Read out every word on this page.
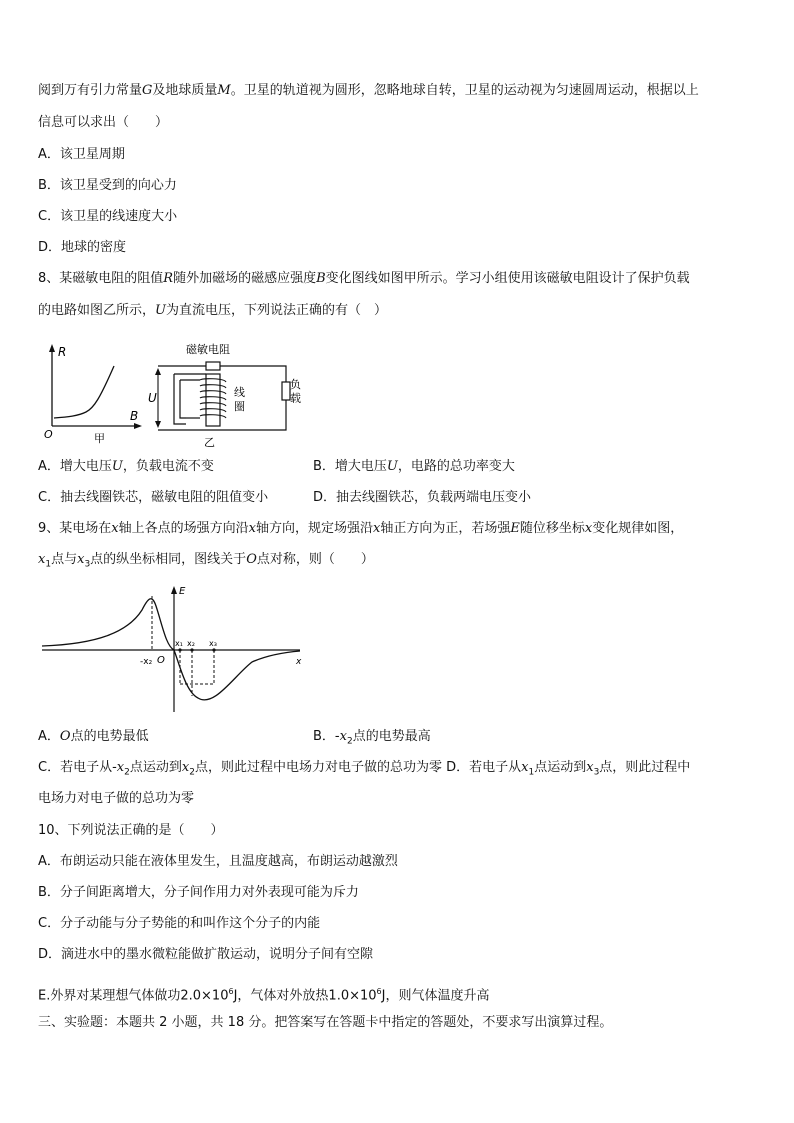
阅到万有引力常量G及地球质量M。卫星的轨道视为圆形，忽略地球自转，卫星的运动视为匀速圆周运动，根据以上
信息可以求出（　　）
A．该卫星周期
B．该卫星受到的向心力
C．该卫星的线速度大小
D．地球的密度
8、某磁敏电阻的阻值R随外加磁场的磁感应强度B变化图线如图甲所示。学习小组使用该磁敏电阻设计了保护负载
的电路如图乙所示，U为直流电压，下列说法正确的有（　）
R
B
O	甲
磁敏电阻
U	线
圈
负
载
乙
A．增大电压U，负载电流不变	B．增大电压U，电路的总功率变大
C．抽去线圈铁芯，磁敏电阻的阻值变小	D．抽去线圈铁芯，负载两端电压变小
9、某电场在x轴上各点的场强方向沿x轴方向，规定场强沿x轴正方向为正，若场强E随位移坐标x变化规律如图，
$x_1$点与$x_3$点的纵坐标相同，图线关于O点对称，则（　　）
E
x
O
-x₂
x₁ x₂ x₃
A．O点的电势最低	B．$-x_2$点的电势最高
C．若电子从$-x_2$点运动到$x_2$点，则此过程中电场力对电子做的总功为零 D．若电子从$x_1$点运动到$x_3$点，则此过程中
电场力对电子做的总功为零
10、下列说法正确的是（　　）
A．布朗运动只能在液体里发生，且温度越高，布朗运动越激烈
B．分子间距离增大，分子间作用力对外表现可能为斥力
C．分子动能与分子势能的和叫作这个分子的内能
D．滴进水中的墨水微粒能做扩散运动，说明分子间有空隙
E.外界对某理想气体做功$2.0\times 10^6J$，气体对外放热$1.0\times 10^6J$，则气体温度升高
三、实验题：本题共 2 小题，共 18 分。把答案写在答题卡中指定的答题处，不要求写出演算过程。
